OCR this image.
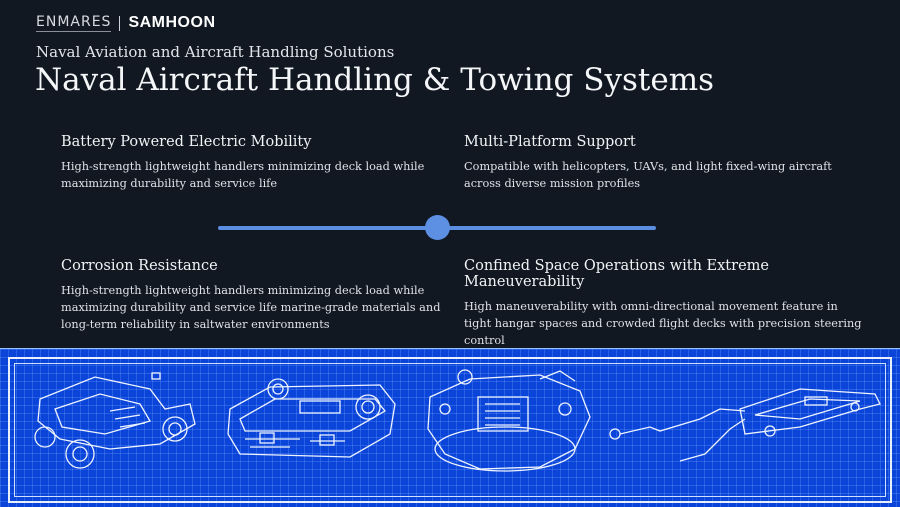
ENMARES SAMHOON
Naval Aviation and Aircraft Handling Solutions
Naval Aircraft Handling & Towing Systems
Battery Powered Electric Mobility

High-strength lightweight handlers minimizing deck load while maximizing durability and service life

Multi-Platform Support

Compatible with helicopters, UAVs, and light fixed-wing aircraft across diverse mission profiles

Corrosion Resistance

High-strength lightweight handlers minimizing deck load while maximizing durability and service life marine-grade materials and long-term reliability in saltwater environments

Confined Space Operations with Extreme Maneuverability

High maneuverability with omni-directional movement feature in tight hangar spaces and crowded flight decks with precision steering control
